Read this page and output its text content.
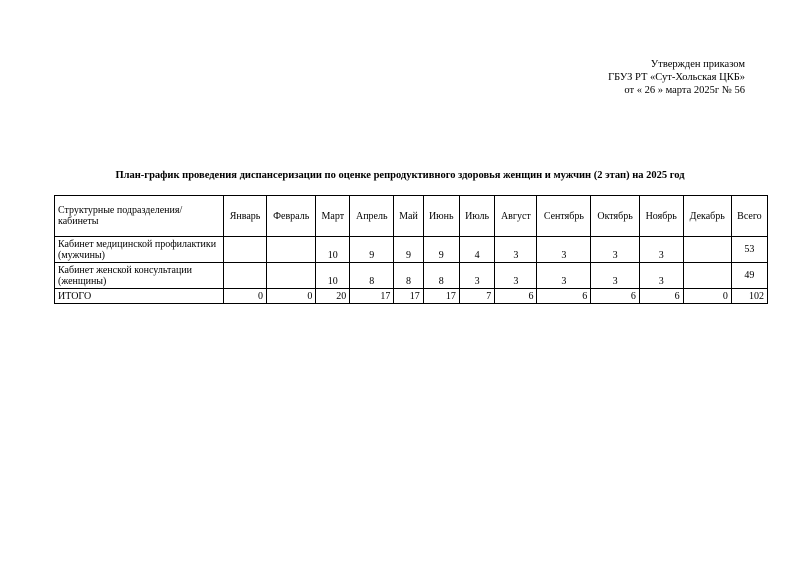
Утвержден приказом
ГБУЗ РТ «Сут-Хольская ЦКБ»
от « 26 » марта 2025г № 56
План-график проведения диспансеризации по оценке репродуктивного здоровья женщин и мужчин (2 этап) на 2025 год
Структурные подразделения/ кабинеты	Январь	Февраль	Март	Апрель	Май	Июнь	Июль	Август	Сентябрь	Октябрь	Ноябрь	Декабрь	Всего
Кабинет медицинской профилактики (мужчины)			10	9	9	9	4	3	3	3	3		53
Кабинет женской консультации (женщины)			10	8	8	8	3	3	3	3	3		49
ИТОГО	0	0	20	17	17	17	7	6	6	6	6	0	102
